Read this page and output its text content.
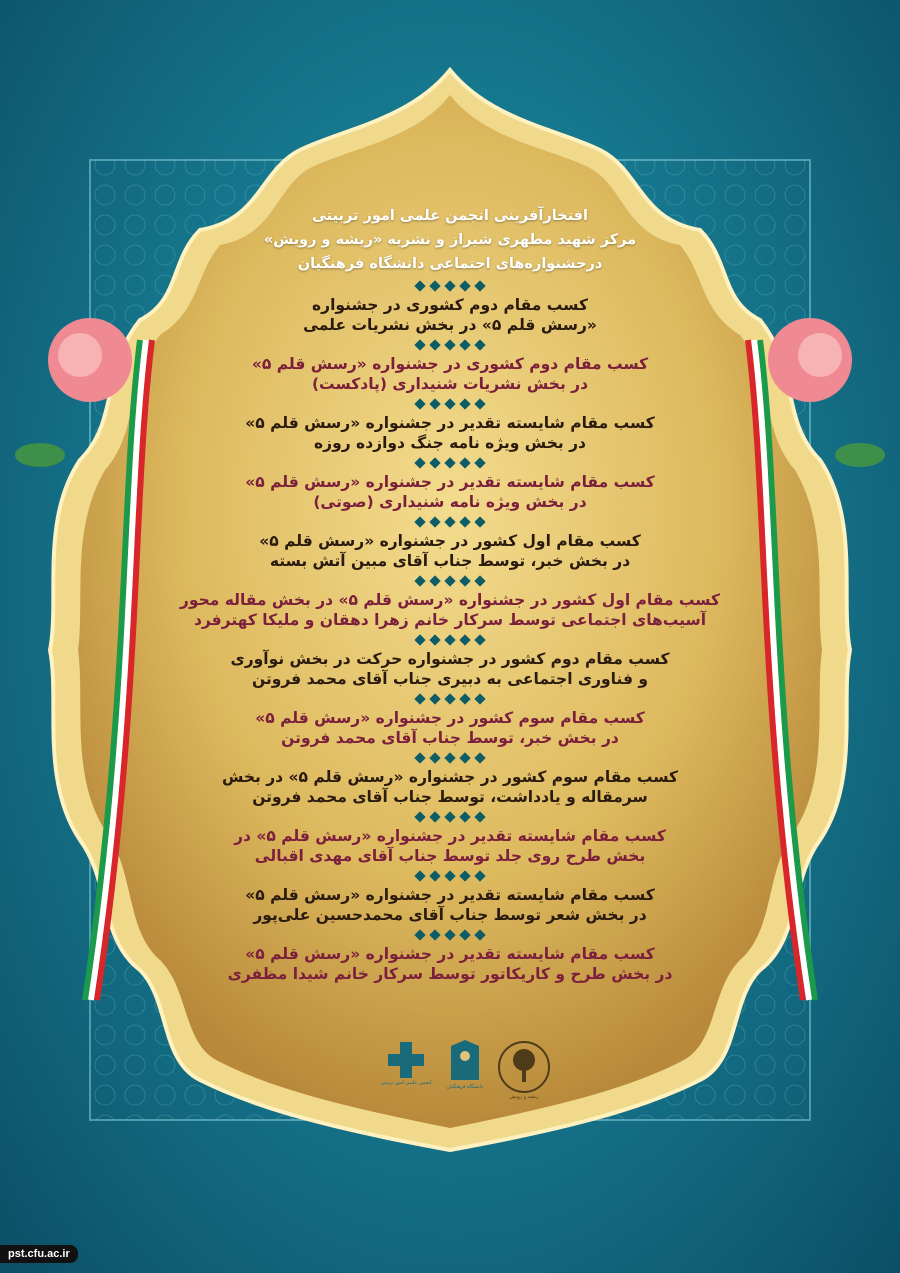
افتخارآفرینی انجمن علمی امور تربیتی
مرکز شهید مطهری شیراز و نشریه «ریشه و رویش»
درجشنواره‌های اجتماعی دانشگاه فرهنگیان
کسب مقام دوم کشوری در جشنواره
«رسش قلم ۵» در بخش نشریات علمی
کسب مقام دوم کشوری در جشنواره «رسش قلم ۵»
در بخش نشریات شنیداری (پادکست)
کسب مقام شایسته تقدیر در جشنواره «رسش قلم ۵»
در بخش ویژه نامه جنگ دوازده روزه
کسب مقام شایسته تقدیر در جشنواره «رسش قلم ۵»
در بخش ویژه نامه شنیداری (صوتی)
کسب مقام اول کشور در جشنواره «رسش قلم ۵»
در بخش خبر، توسط جناب آقای مبین آتش بسته
کسب مقام اول کشور در جشنواره «رسش قلم ۵» در بخش مقاله محور
آسیب‌های اجتماعی توسط سرکار خانم زهرا دهقان و ملیکا کهترفرد
کسب مقام دوم کشور در جشنواره حرکت در بخش نوآوری
و فناوری اجتماعی به دبیری جناب آقای محمد فروتن
کسب مقام سوم کشور در جشنواره «رسش قلم ۵»
در بخش خبر، توسط جناب آقای محمد فروتن
کسب مقام سوم کشور در جشنواره «رسش قلم ۵» در بخش
سرمقاله و یادداشت، توسط جناب آقای محمد فروتن
کسب مقام شایسته تقدیر در جشنواره «رسش قلم ۵» در
بخش طرح روی جلد توسط جناب آقای مهدی اقبالی
کسب مقام شایسته تقدیر در جشنواره «رسش قلم ۵»
در بخش شعر توسط جناب آقای محمدحسین علی‌پور
کسب مقام شایسته تقدیر در جشنواره «رسش قلم ۵»
در بخش طرح و کاریکاتور توسط سرکار خانم شیدا مظفری
انجمن علمی امور تربیتی
دانشگاه فرهنگیان
ریشه و رویش
pst.cfu.ac.ir
